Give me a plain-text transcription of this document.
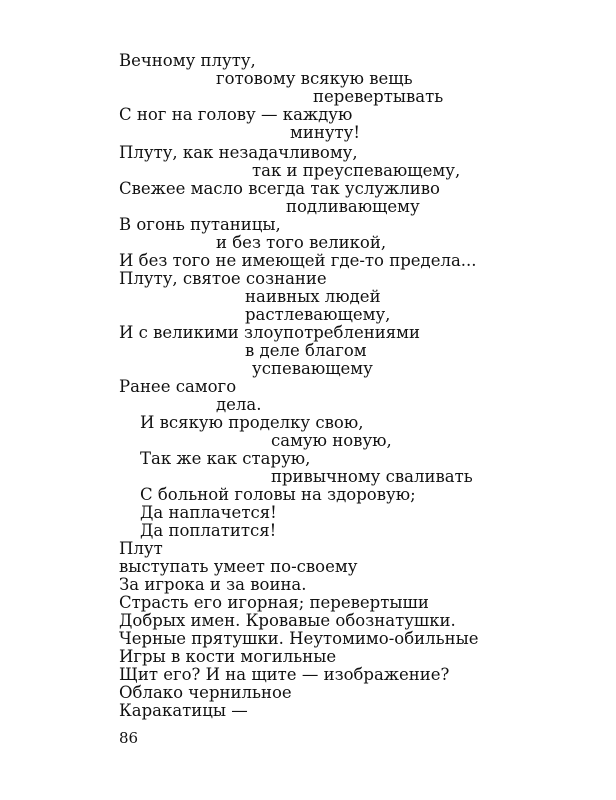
Вечному плуту,
готовому всякую вещь
перевертывать
С ног на голову — каждую
минуту!
Плуту, как незадачливому,
так и преуспевающему,
Свежее масло всегда так услужливо
подливающему
В огонь путаницы,
и без того великой,
И без того не имеющей где-то предела...
Плуту, святое сознание
наивных людей
растлевающему,
И с великими злоупотреблениями
в деле благом
успевающему
Ранее самого
дела.
И всякую проделку свою,
самую новую,
Так же как старую,
привычному сваливать
С больной головы на здоровую;
Да наплачется!
Да поплатится!
Плут
выступать умеет по-своему
За игрока и за воина.
Страсть его игорная; перевертыши
Добрых имен. Кровавые обознатушки.
Черные прятушки. Неутомимо-обильные
Игры в кости могильные
Щит его? И на щите — изображение?
Облако чернильное
Каракатицы —
86
